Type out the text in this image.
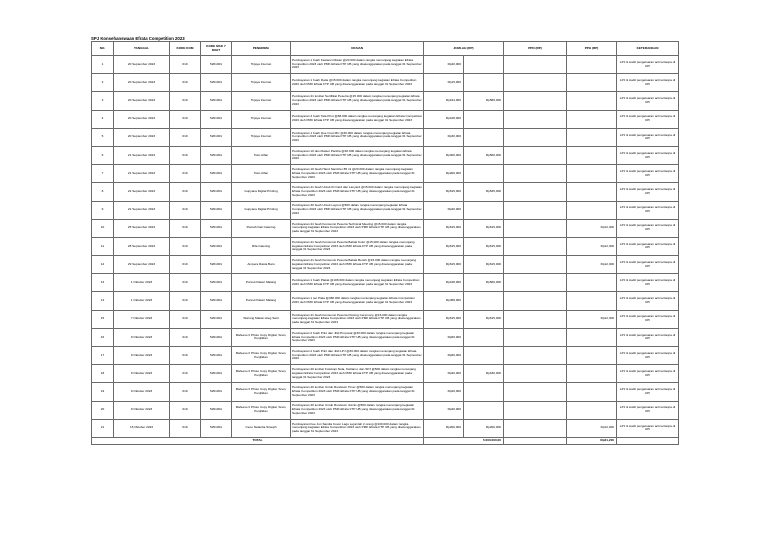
SPJ Konsehanswaan Efrata Competition 2023
NO.	TANGGAL	KODE KOM	KODE MAK 7 DIGIT	PENERIMA	URAIAN	JUMLAH (RP)		PPN (RP)	PPH (RP)	KETERANGAN
1	20 September 2023	019	5261001	Tirjaya Internet	Pembayaran 1 buah Kastanci Riwan @20.000 dalam rangka menunjang kegiatan Efrata Competition 2023 oleh PMK Efrata FTP UB yang diselenggarakan pada tanggal 31 September 2023	Rp20,000				LPJ & Audit pengeluaran acti tertanpa di UPI
2	20 September 2023	019	5261001	Tirjaya Internet	Pembayaran 1 buah Roda @15.000 dalam rangka menunjang kegiatan Efrata Competition 2023 oleh PMK Efrata FTP UB yang diselenggarakan pada tanggal 31 September 2023	Rp15,000				LPJ & Audit pengeluaran acti tertanpa di UPI
3	20 September 2023	019	5261001	Tirjaya Internet	Pembayaran 41 lembar Sertifikat Peserta @15.000 dalam rangka menunjang kegiatan Efrata Competition 2023 oleh PMK Efrata FTP UB yang diselenggarakan pada tanggal 31 September 2023	Rp164,000	Rp589,000			LPJ & Audit pengeluaran acti tertanpa di UPI
4	20 September 2023	019	5261001	Tirjaya Internet	Pembayaran 3 buah Tata Print @68.000 dalam rangka menunjang kegiatan Efrata Competition 2023 oleh PMK Efrata FTP UB yang diselenggarakan pada tanggal 31 September 2023	Rp108,000				LPJ & Audit pengeluaran acti tertanpa di UPI
5	20 September 2023	019	5261001	Tirjaya Internet	Pembayaran 1 buah Que Cost MC @30.000 dalam rangka menunjang kegiatan Efrata Competition 2023 oleh PMK Efrata FTP UB yang diselenggarakan pada tanggal 31 September 2023	Rp30,000				LPJ & Audit pengeluaran acti tertanpa di UPI
6	21 September 2023	019	5261001	Toko Alfan	Pembayaran 10 dus Master Pantha @30.000 dalam rangka menunjang kegiatan Efrata Competition 2023 oleh PMK Efrata FTP UB yang diselenggarakan pada tanggal 31 September 2023	Rp300,000	Rp500,000			LPJ & Audit pengeluaran acti tertanpa di UPI
7	21 September 2023	019	5261001	Toko Alfan	Pembayaran 10 buah Hand Sanitizer 85 ml @20.000 dalam rangka menunjang kegiatan Efrata Competition 2023 oleh PMK Efrata FTP UB yang diselenggarakan pada tanggal 31 September 2023	Rp200,000				LPJ & Audit pengeluaran acti tertanpa di UPI
8	22 September 2023	019	5261001	Gupyana Digital Printing	Pembayaran 41 buah Untuk ID Card dan Lanyard @15.000 dalam rangka menunjang kegiatan Efrata Competition 2023 oleh PMK Efrata FTP UB yang diselenggarakan pada tanggal 31 September 2023	Rp615,000	Rp635,000			LPJ & Audit pengeluaran acti tertanpa di UPI
9	22 September 2023	019	5261001	Gupyana Digital Printing	Pembayaran 30 buah Untuk Layout @500 dalam rangka menunjang kegiatan Efrata Competition 2023 oleh PMK Efrata FTP UB yang diselenggarakan pada tanggal 31 September 2023	Rp20,000				LPJ & Audit pengeluaran acti tertanpa di UPI
10	25 September 2023	019	5261001	Rumah Kak Catering	Pembayaran 41 buah Konsumsi Peserta Technical Meeting @15.000 dalam rangka menunjang kegiatan Efrata Competition 2023 oleh PMK Efrata FTP UB yang diselenggarakan pada tanggal 31 September 2023	Rp615,000	Rp615,000		Rp12,300	LPJ & Audit pengeluaran acti tertanpa di UPI
11	28 September 2023	019	5261001	Rifa Catering	Pembayaran 41 buah Konsumsi Peserta Babak Kolor @15.000 dalam rangka menunjang kegiatan Efrata Competition 2023 oleh PMK Efrata FTP UB yang diselenggarakan pada tanggal 31 September 2023	Rp615,000	Rp615,000		Rp12,300	LPJ & Audit pengeluaran acti tertanpa di UPI
12	29 September 2023	019	5261001	Ampera Rasta Baru	Pembayaran 41 buah Konsumsi Peserta Babak Bersih @15.000 dalam rangka menunjang kegiatan Efrata Competition 2023 oleh PMK Efrata FTP UB yang diselenggarakan pada tanggal 31 September 2023	Rp615,000	Rp615,000		Rp12,300	LPJ & Audit pengeluaran acti tertanpa di UPI
13	1 Oktober 2023	019	5261001	Pursuit Pakeri Malang	Pembayaran 1 buah Plakat @108.000 dalam rangka menunjang kegiatan Efrata Competition 2023 oleh PMK Efrata FTP UB yang diselenggarakan pada tanggal 31 September 2023	Rp108,000	Rp566,000			LPJ & Audit pengeluaran acti tertanpa di UPI
14	1 Oktober 2023	019	5261001	Pursuit Pakeri Malang	Pembayaran 1 set Piala @458.000 dalam rangka menunjang kegiatan Efrata Competition 2023 oleh PMK Efrata FTP UB yang diselenggarakan pada tanggal 31 September 2023	Rp458,000				LPJ & Audit pengeluaran acti tertanpa di UPI
15	7 Oktober 2023	019	5261001	Warung Makan Ateg Sarit	Pembayaran 41 buah Konsumsi Peserta Closing Ceremony @15.000 dalam rangka menunjang kegiatan Efrata Competition 2023 oleh PMK Efrata FTP UB yang diselenggarakan pada tanggal 31 September 2023	Rp615,000	Rp615,000		Rp12,300	LPJ & Audit pengeluaran acti tertanpa di UPI
16	9 Oktober 2023	019	5261001	Mafeeso II Photo Copy Digital, Scan, Penjilidan	Pembayaran 2 buah Print dan Jilid Proposal @30.000 dalam rangka menunjang kegiatan Efrata Competition 2023 oleh PMK Efrata FTP UB yang diselenggarakan pada tanggal 31 September 2023	Rp60,000				LPJ & Audit pengeluaran acti tertanpa di UPI
17	9 Oktober 2023	019	5261001	Mafeeso II Photo Copy Digital, Scan, Penjilidan	Pembayaran 2 buah Print dan Jilid LPJ @30.000 dalam rangka menunjang kegiatan Efrata Competition 2023 oleh PMK Efrata FTP UB yang diselenggarakan pada tanggal 31 September 2023	Rp60,000				LPJ & Audit pengeluaran acti tertanpa di UPI
18	9 Oktober 2023	019	5261001	Mafeeso II Photo Copy Digital, Scan, Penjilidan	Pembayaran 40 lembar Fotokopi Nota, Kwitansi, dan SPJ @500 dalam rangka menunjang kegiatan Efrata Competition 2023 oleh PMK Efrata FTP UB yang diselenggarakan pada tanggal 31 September 2023	Rp20,000	Rp180,000			LPJ & Audit pengeluaran acti tertanpa di UPI
19	9 Oktober 2023	019	5261001	Mafeeso II Photo Copy Digital, Scan, Penjilidan	Pembayaran 40 lembar Untuk Rundown Timer @500 dalam rangka menunjang kegiatan Efrata Competition 2023 oleh PMK Efrata FTP UB yang diselenggarakan pada tanggal 31 September 2023	Rp20,000				LPJ & Audit pengeluaran acti tertanpa di UPI
20	9 Oktober 2023	019	5261001	Mafeeso II Photo Copy Digital, Scan, Penjilidan	Pembayaran 40 lembar Untuk Rundown Juknis @500 dalam rangka menunjang kegiatan Efrata Competition 2023 oleh PMK Efrata FTP UB yang diselenggarakan pada tanggal 31 September 2023	Rp20,000				LPJ & Audit pengeluaran acti tertanpa di UPI
21	15 Oktober 2023	019	5261001	Ceoo Natasha Sineqih	Pembayaran Fee Jun Sandia Cover Lagu sejumlah 2 orang @100.000 dalam rangka menunjang kegiatan Efrata Competition 2023 oleh PMK Efrata FTP UB yang diselenggarakan pada tanggal 31 September 2023	Rp200,000	Rp200,000		Rp12,000	LPJ & Audit pengeluaran acti tertanpa di UPI
TOTAL						5.000.000,00			Rp61,200	
